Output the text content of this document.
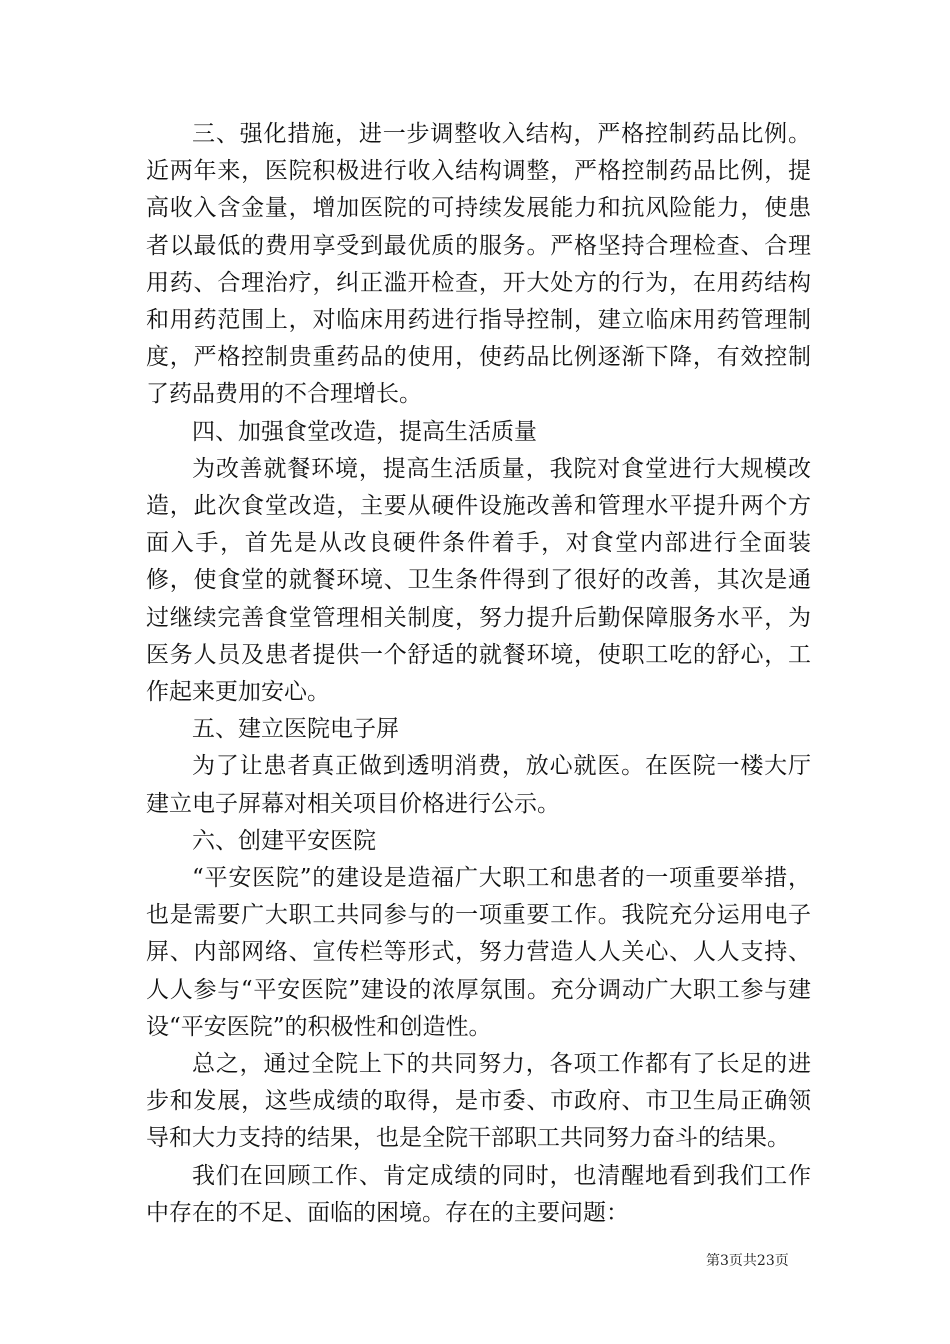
三、强化措施，进一步调整收入结构，严格控制药品比例。近两年来，医院积极进行收入结构调整，严格控制药品比例，提高收入含金量，增加医院的可持续发展能力和抗风险能力，使患者以最低的费用享受到最优质的服务。严格坚持合理检查、合理用药、合理治疗，纠正滥开检查，开大处方的行为，在用药结构和用药范围上，对临床用药进行指导控制，建立临床用药管理制度，严格控制贵重药品的使用，使药品比例逐渐下降，有效控制了药品费用的不合理增长。

四、加强食堂改造，提高生活质量

为改善就餐环境，提高生活质量，我院对食堂进行大规模改造，此次食堂改造，主要从硬件设施改善和管理水平提升两个方面入手，首先是从改良硬件条件着手，对食堂内部进行全面装修，使食堂的就餐环境、卫生条件得到了很好的改善，其次是通过继续完善食堂管理相关制度，努力提升后勤保障服务水平，为医务人员及患者提供一个舒适的就餐环境，使职工吃的舒心，工作起来更加安心。

五、建立医院电子屏

为了让患者真正做到透明消费，放心就医。在医院一楼大厅建立电子屏幕对相关项目价格进行公示。

六、创建平安医院

“平安医院”的建设是造福广大职工和患者的一项重要举措，也是需要广大职工共同参与的一项重要工作。我院充分运用电子屏、内部网络、宣传栏等形式，努力营造人人关心、人人支持、人人参与“平安医院”建设的浓厚氛围。充分调动广大职工参与建设“平安医院”的积极性和创造性。

总之，通过全院上下的共同努力，各项工作都有了长足的进步和发展，这些成绩的取得，是市委、市政府、市卫生局正确领导和大力支持的结果，也是全院干部职工共同努力奋斗的结果。

我们在回顾工作、肯定成绩的同时，也清醒地看到我们工作中存在的不足、面临的困境。存在的主要问题：

第3页共23页
